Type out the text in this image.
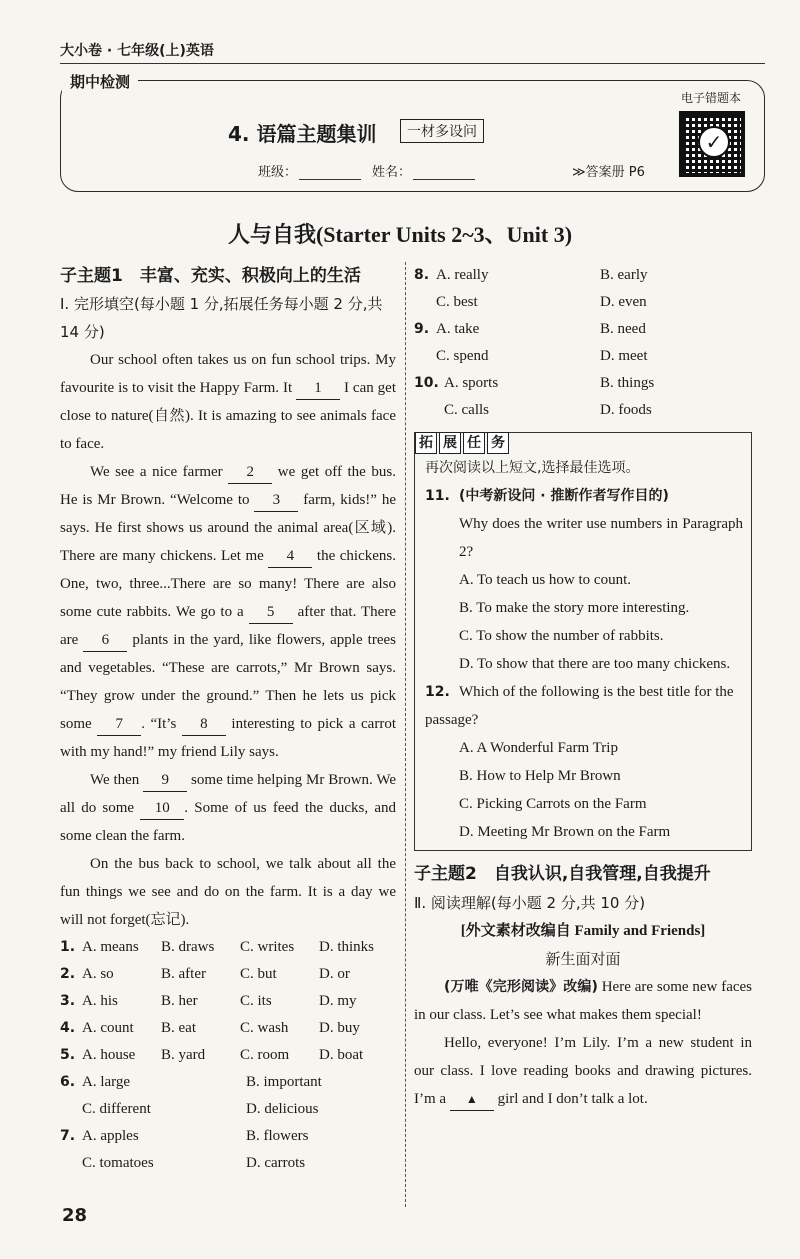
大小卷 · 七年级(上)英语
期中检测
4. 语篇主题集训	一材多设问
班级：	姓名：	≫答案册 P6
电子错题本
✓
人与自我(Starter Units 2~3、Unit 3)
子主题1　丰富、充实、积极向上的生活
Ⅰ. 完形填空(每小题 1 分,拓展任务每小题 2 分,共 14 分)

Our school often takes us on fun school trips. My favourite is to visit the Happy Farm. It 1 I can get close to nature(自然). It is amazing to see animals face to face.

We see a nice farmer 2 we get off the bus. He is Mr Brown. “Welcome to 3 farm, kids!” he says. He first shows us around the animal area(区域). There are many chickens. Let me 4 the chickens. One, two, three...There are so many! There are also some cute rabbits. We go to a 5 after that. There are 6 plants in the yard, like flowers, apple trees and vegetables. “These are carrots,” Mr Brown says. “They grow under the ground.” Then he lets us pick some 7 . “It’s 8 interesting to pick a carrot with my hand!” my friend Lily says.

We then 9 some time helping Mr Brown. We all do some 10 . Some of us feed the ducks, and some clean the farm.

On the bus back to school, we talk about all the fun things we see and do on the farm. It is a day we will not forget(忘记).

1. A. means	B. draws	C. writes	D. thinks
2. A. so	B. after	C. but	D. or
3. A. his	B. her	C. its	D. my
4. A. count	B. eat	C. wash	D. buy
5. A. house	B. yard	C. room	D. boat
6. A. large	B. important
C. different	D. delicious
7. A. apples	B. flowers
C. tomatoes	D. carrots
8. A. really	B. early
C. best	D. even
9. A. take	B. need
C. spend	D. meet
10. A. sports	B. things
C. calls	D. foods
拓 展 任 务
再次阅读以上短文,选择最佳选项。
11. (中考新设问 · 推断作者写作目的)
Why does the writer use numbers in Paragraph 2?
A. To teach us how to count.
B. To make the story more interesting.
C. To show the number of rabbits.
D. To show that there are too many chickens.
12. Which of the following is the best title for the passage?
A. A Wonderful Farm Trip
B. How to Help Mr Brown
C. Picking Carrots on the Farm
D. Meeting Mr Brown on the Farm
子主题2　自我认识,自我管理,自我提升
Ⅱ. 阅读理解(每小题 2 分,共 10 分)
[外文素材改编自 Family and Friends]
新生面对面

(万唯《完形阅读》改编) Here are some new faces in our class. Let’s see what makes them special!

Hello, everyone! I’m Lily. I’m a new student in our class. I love reading books and drawing pictures. I’m a ▲ girl and I don’t talk a lot.

28
